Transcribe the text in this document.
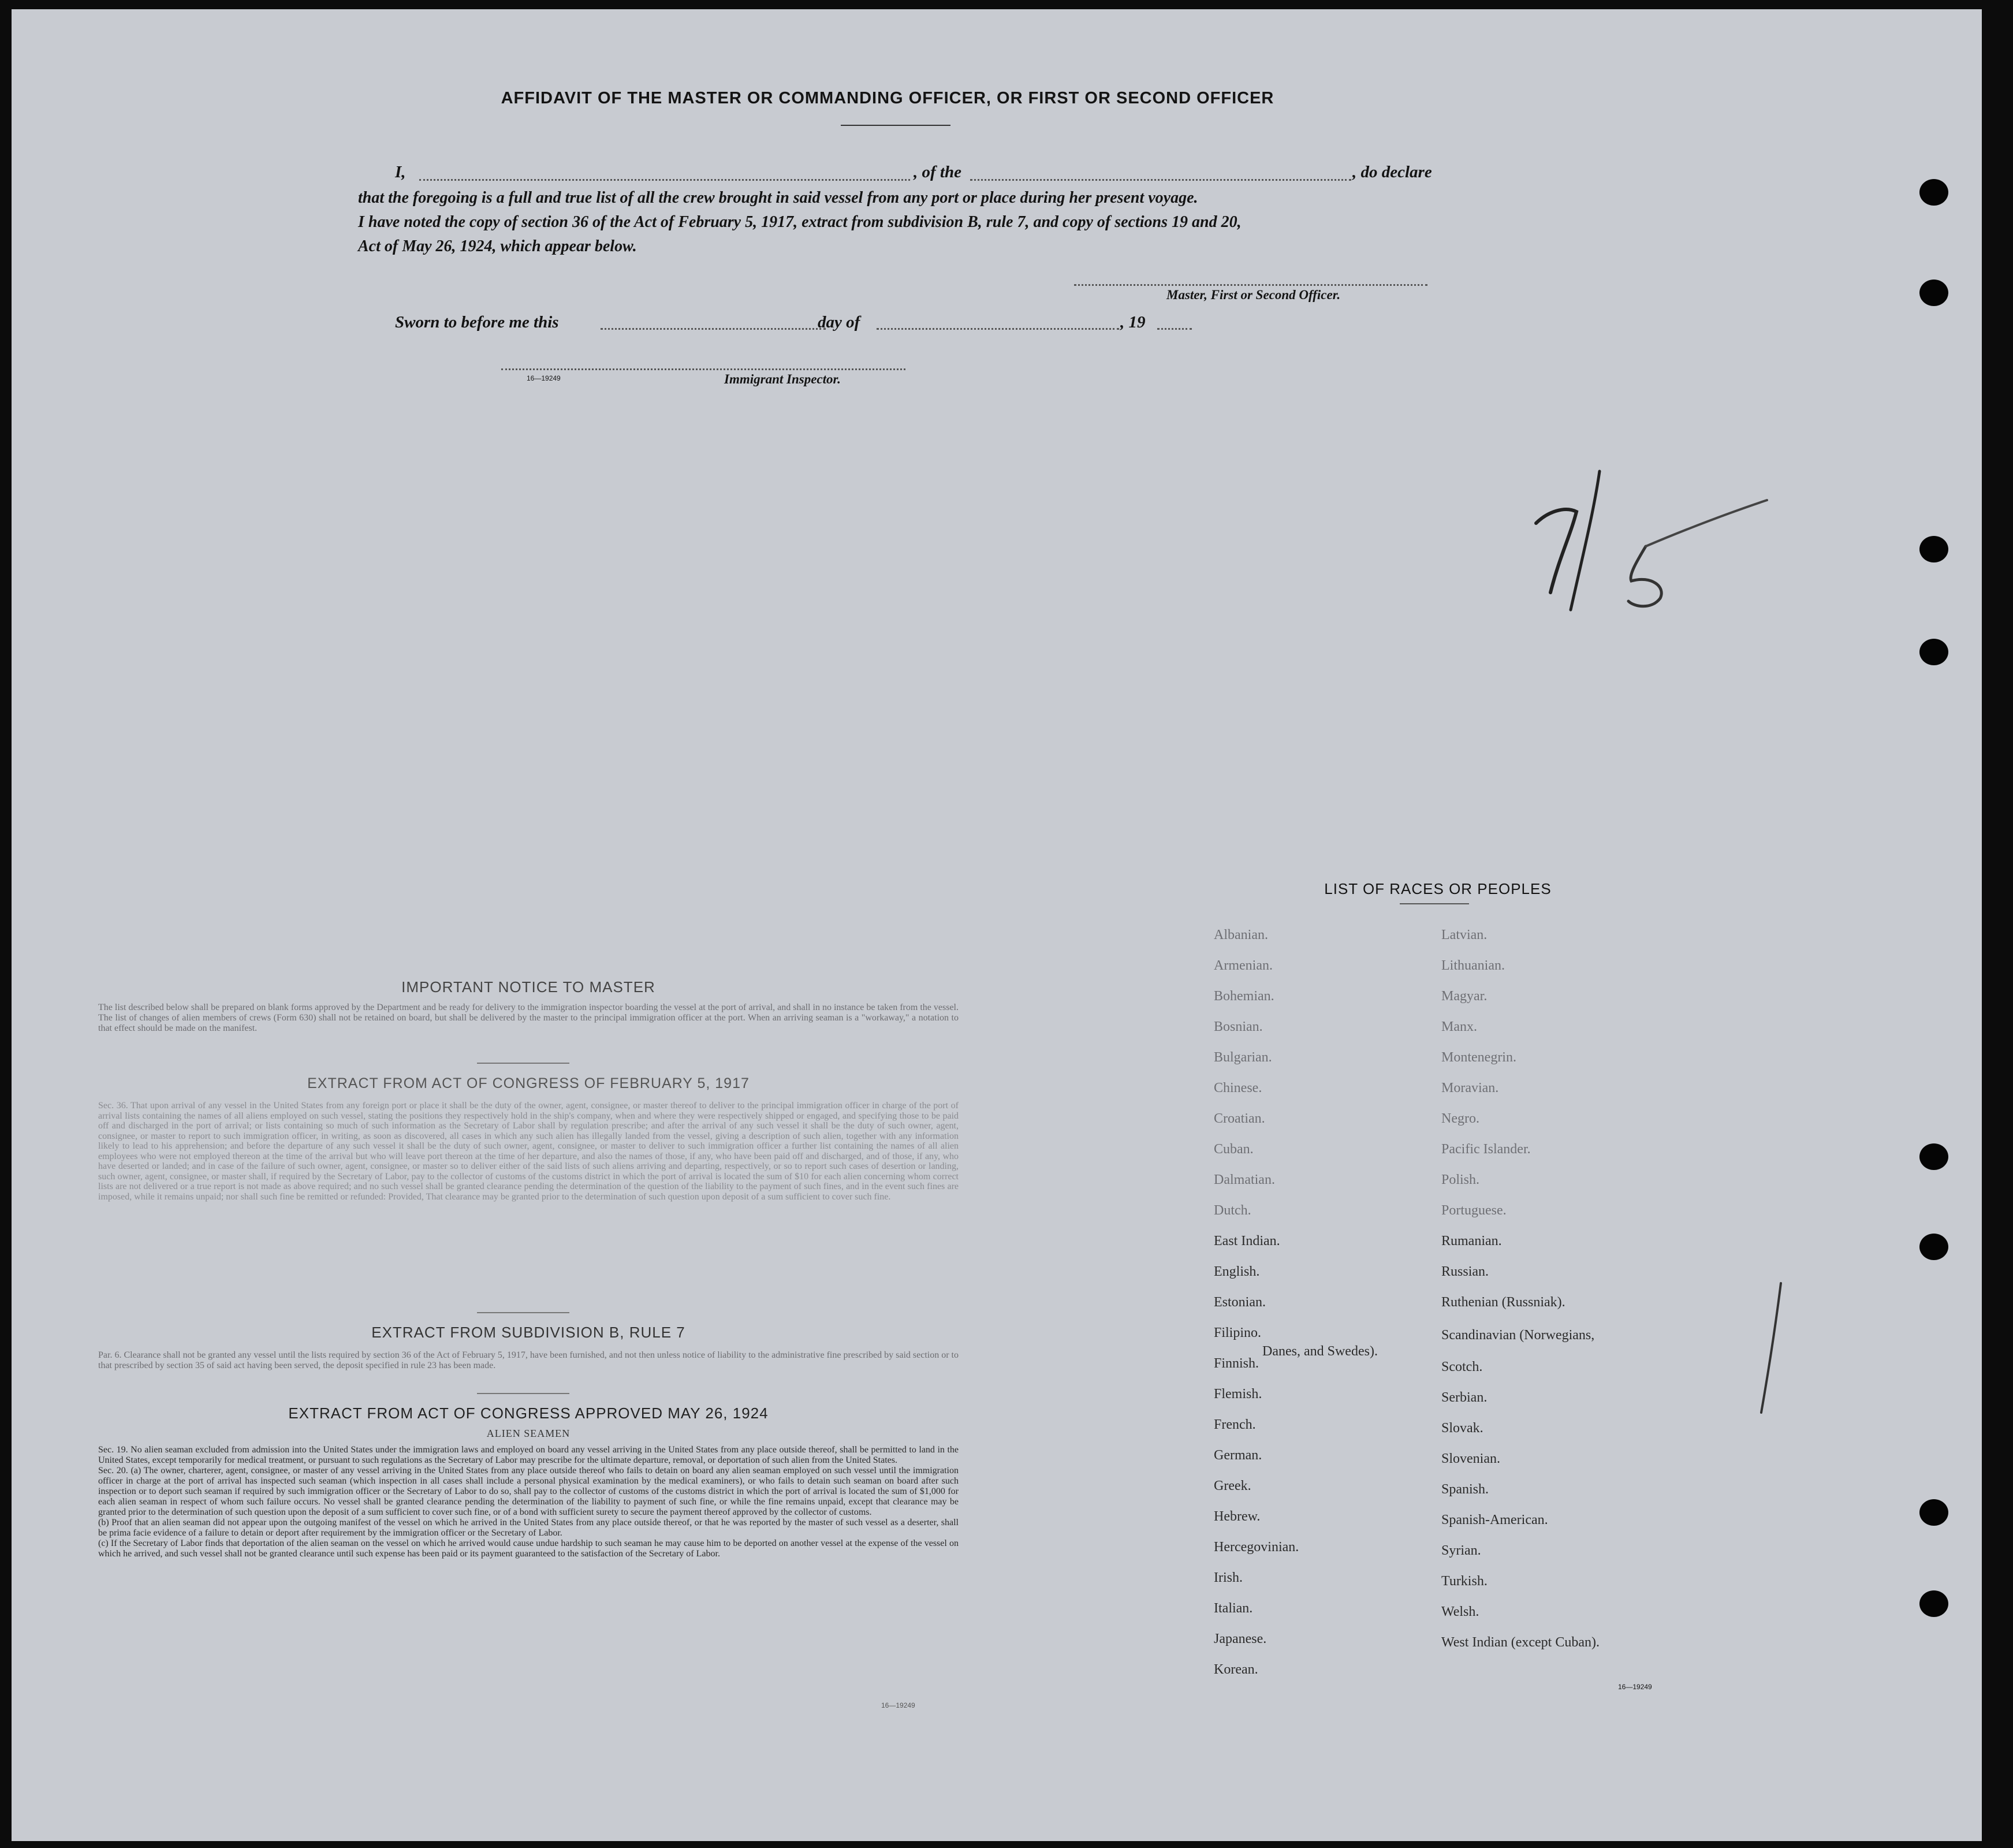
AFFIDAVIT OF THE MASTER OR COMMANDING OFFICER, OR FIRST OR SECOND OFFICER
I,	, of the	, do declare
that the foregoing is a full and true list of all the crew brought in said vessel from any port or place during her present voyage.
I have noted the copy of section 36 of the Act of February 5, 1917, extract from subdivision B, rule 7, and copy of sections 19 and 20,
Act of May 26, 1924, which appear below.
Master, First or Second Officer.
Sworn to before me this	day of	, 19
16—19249	Immigrant Inspector.
IMPORTANT NOTICE TO MASTER
The list described below shall be prepared on blank forms approved by the Department and be ready for delivery to the immigration inspector boarding the vessel at the port of arrival, and shall in no instance be taken from the vessel. The list of changes of alien members of crews (Form 630) shall not be retained on board, but shall be delivered by the master to the principal immigration officer at the port. When an arriving seaman is a "workaway," a notation to that effect should be made on the manifest.
EXTRACT FROM ACT OF CONGRESS OF FEBRUARY 5, 1917
Sec. 36. That upon arrival of any vessel in the United States from any foreign port or place it shall be the duty of the owner, agent, consignee, or master thereof to deliver to the principal immigration officer in charge of the port of arrival lists containing the names of all aliens employed on such vessel, stating the positions they respectively hold in the ship's company, when and where they were respectively shipped or engaged, and specifying those to be paid off and discharged in the port of arrival; or lists containing so much of such information as the Secretary of Labor shall by regulation prescribe; and after the arrival of any such vessel it shall be the duty of such owner, agent, consignee, or master to report to such immigration officer, in writing, as soon as discovered, all cases in which any such alien has illegally landed from the vessel, giving a description of such alien, together with any information likely to lead to his apprehension; and before the departure of any such vessel it shall be the duty of such owner, agent, consignee, or master to deliver to such immigration officer a further list containing the names of all alien employees who were not employed thereon at the time of the arrival but who will leave port thereon at the time of her departure, and also the names of those, if any, who have been paid off and discharged, and of those, if any, who have deserted or landed; and in case of the failure of such owner, agent, consignee, or master so to deliver either of the said lists of such aliens arriving and departing, respectively, or so to report such cases of desertion or landing, such owner, agent, consignee, or master shall, if required by the Secretary of Labor, pay to the collector of customs of the customs district in which the port of arrival is located the sum of $10 for each alien concerning whom correct lists are not delivered or a true report is not made as above required; and no such vessel shall be granted clearance pending the determination of the question of the liability to the payment of such fines, and in the event such fines are imposed, while it remains unpaid; nor shall such fine be remitted or refunded: Provided, That clearance may be granted prior to the determination of such question upon deposit of a sum sufficient to cover such fine.
EXTRACT FROM SUBDIVISION B, RULE 7
Par. 6. Clearance shall not be granted any vessel until the lists required by section 36 of the Act of February 5, 1917, have been furnished, and not then unless notice of liability to the administrative fine prescribed by said section or to that prescribed by section 35 of said act having been served, the deposit specified in rule 23 has been made.
EXTRACT FROM ACT OF CONGRESS APPROVED MAY 26, 1924
ALIEN SEAMEN
Sec. 19. No alien seaman excluded from admission into the United States under the immigration laws and employed on board any vessel arriving in the United States from any place outside thereof, shall be permitted to land in the United States, except temporarily for medical treatment, or pursuant to such regulations as the Secretary of Labor may prescribe for the ultimate departure, removal, or deportation of such alien from the United States.
Sec. 20. (a) The owner, charterer, agent, consignee, or master of any vessel arriving in the United States from any place outside thereof who fails to detain on board any alien seaman employed on such vessel until the immigration officer in charge at the port of arrival has inspected such seaman (which inspection in all cases shall include a personal physical examination by the medical examiners), or who fails to detain such seaman on board after such inspection or to deport such seaman if required by such immigration officer or the Secretary of Labor to do so, shall pay to the collector of customs of the customs district in which the port of arrival is located the sum of $1,000 for each alien seaman in respect of whom such failure occurs. No vessel shall be granted clearance pending the determination of the liability to payment of such fine, or while the fine remains unpaid, except that clearance may be granted prior to the determination of such question upon the deposit of a sum sufficient to cover such fine, or of a bond with sufficient surety to secure the payment thereof approved by the collector of customs.
(b) Proof that an alien seaman did not appear upon the outgoing manifest of the vessel on which he arrived in the United States from any place outside thereof, or that he was reported by the master of such vessel as a deserter, shall be prima facie evidence of a failure to detain or deport after requirement by the immigration officer or the Secretary of Labor.
(c) If the Secretary of Labor finds that deportation of the alien seaman on the vessel on which he arrived would cause undue hardship to such seaman he may cause him to be deported on another vessel at the expense of the vessel on which he arrived, and such vessel shall not be granted clearance until such expense has been paid or its payment guaranteed to the satisfaction of the Secretary of Labor.
16—19249
LIST OF RACES OR PEOPLES
16—19249
Albanian.
Armenian.
Bohemian.
Bosnian.
Bulgarian.
Chinese.
Croatian.
Cuban.
Dalmatian.
Dutch.
East Indian.
English.
Estonian.
Filipino.
Finnish.
Flemish.
French.
German.
Greek.
Hebrew.
Hercegovinian.
Irish.
Italian.
Japanese.
Korean.
Latvian.
Lithuanian.
Magyar.
Manx.
Montenegrin.
Moravian.
Negro.
Pacific Islander.
Polish.
Portuguese.
Rumanian.
Russian.
Ruthenian (Russniak).
Scandinavian (Norwegians,
Danes, and Swedes).
Scotch.
Serbian.
Slovak.
Slovenian.
Spanish.
Spanish-American.
Syrian.
Turkish.
Welsh.
West Indian (except Cuban).
